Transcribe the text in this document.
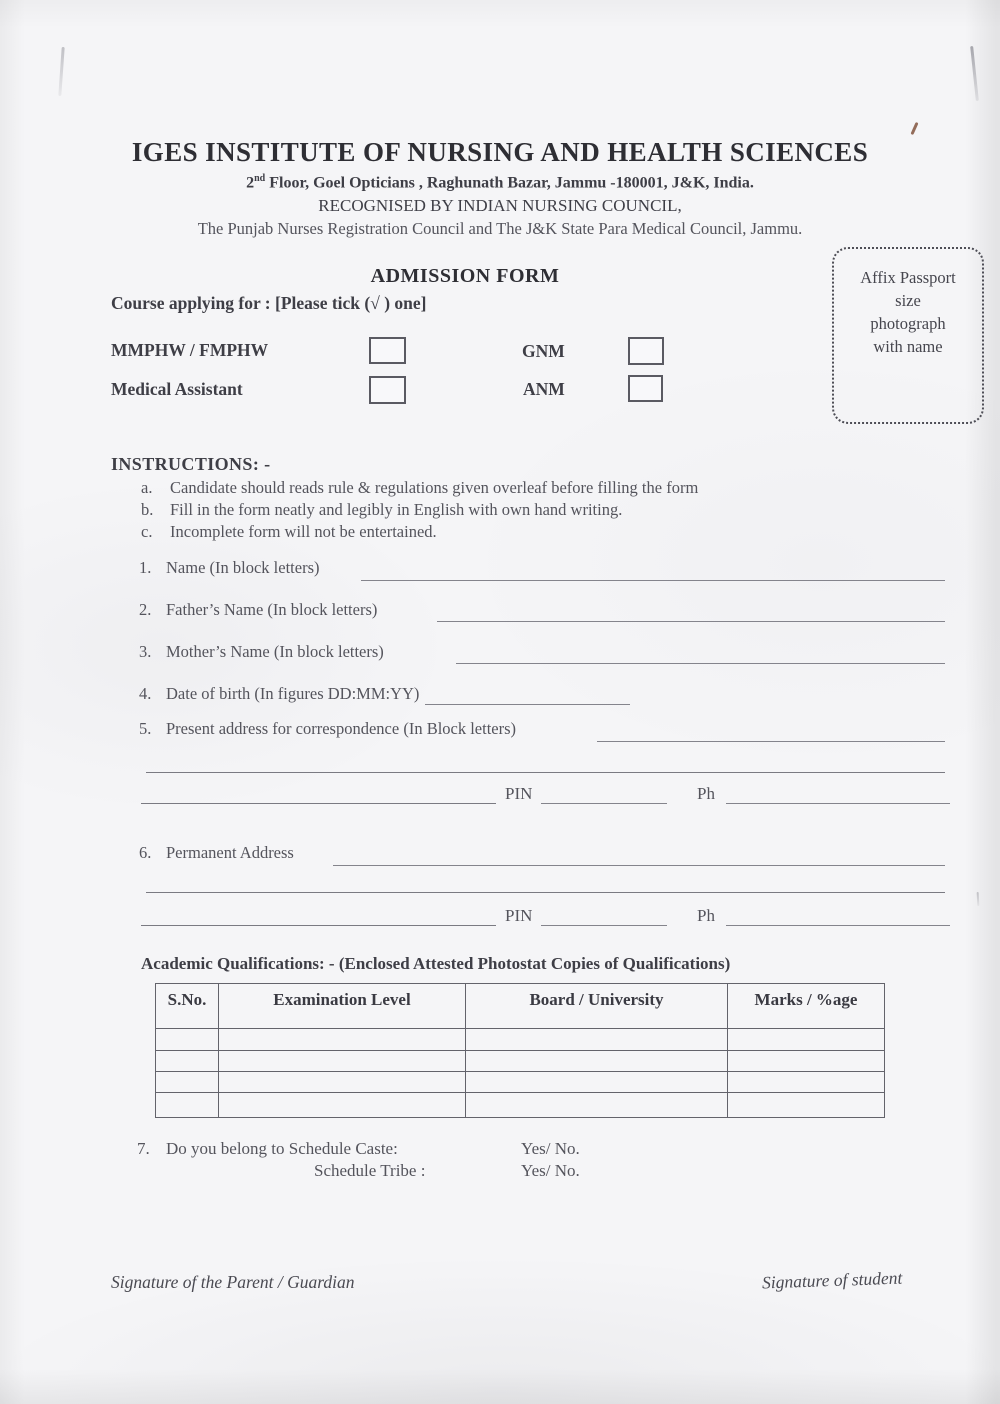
IGES INSTITUTE OF NURSING AND HEALTH SCIENCES
2nd Floor, Goel Opticians , Raghunath Bazar, Jammu -180001, J&K, India.
RECOGNISED BY INDIAN NURSING COUNCIL,
The Punjab Nurses Registration Council and The J&K State Para Medical Council, Jammu.
Affix Passport
size
photograph
with name
ADMISSION FORM
Course applying for : [Please tick (√ ) one]
MMPHW / FMPHW	GNM
Medical Assistant	ANM
INSTRUCTIONS: -
a. Candidate should reads rule & regulations given overleaf before filling the form
b. Fill in the form neatly and legibly in English with own hand writing.
c. Incomplete form will not be entertained.
1. Name (In block letters)
2. Father’s Name (In block letters)
3. Mother’s Name (In block letters)
4. Date of birth (In figures DD:MM:YY)
5. Present address for correspondence (In Block letters)
PIN	Ph
6. Permanent Address
PIN	Ph
Academic Qualifications: - (Enclosed Attested Photostat Copies of Qualifications)
S.No.	Examination Level	Board / University	Marks / %age
7. Do you belong to Schedule Caste:	Yes/ No.
Schedule Tribe :	Yes/ No.
Signature of the Parent / Guardian	Signature of student
